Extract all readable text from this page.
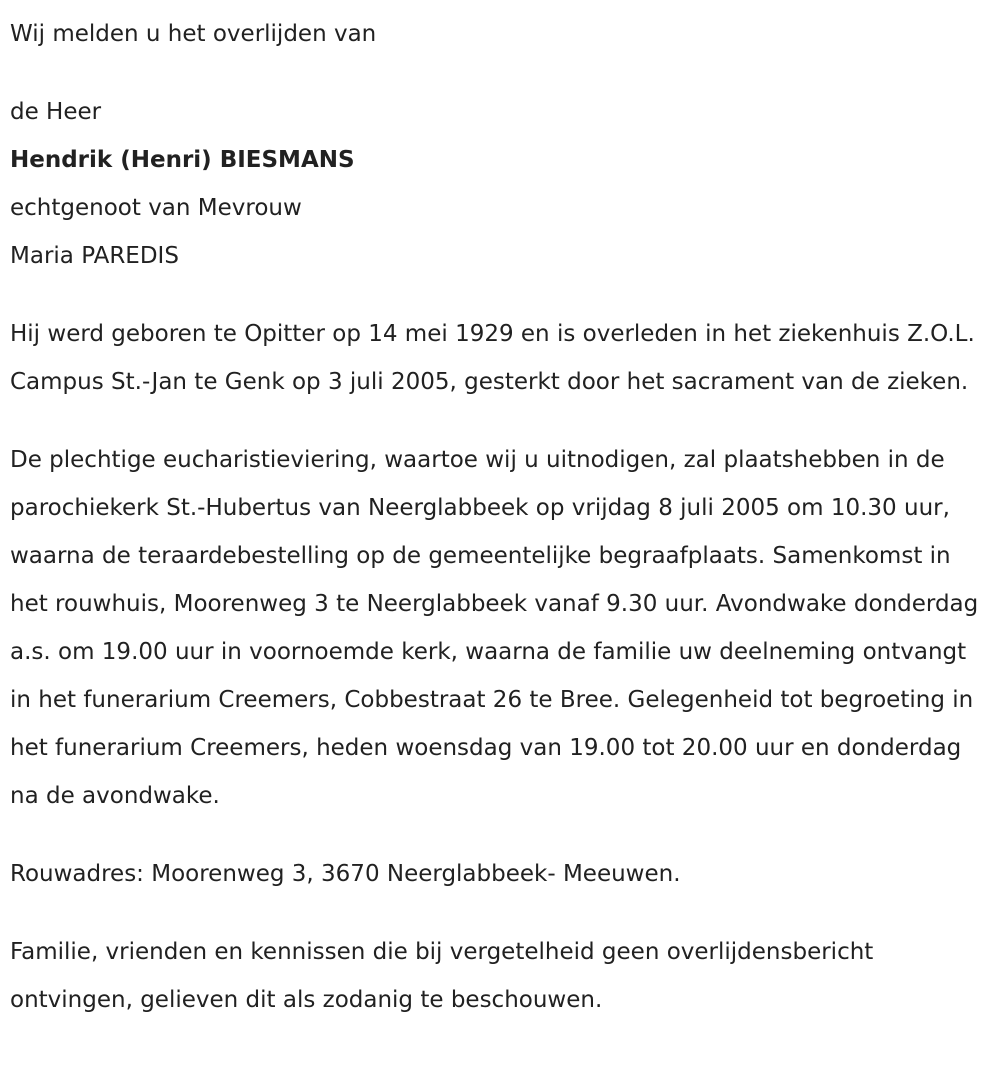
Wij melden u het overlijden van

de Heer

Hendrik (Henri) BIESMANS

echtgenoot van Mevrouw

Maria PAREDIS

Hij werd geboren te Opitter op 14 mei 1929 en is overleden in het ziekenhuis Z.O.L. Campus St.-Jan te Genk op 3 juli 2005, gesterkt door het sacrament van de zieken.

De plechtige eucharistieviering, waartoe wij u uitnodigen, zal plaatshebben in de parochiekerk St.-Hubertus van Neerglabbeek op vrijdag 8 juli 2005 om 10.30 uur, waarna de teraardebestelling op de gemeentelijke begraafplaats. Samenkomst in het rouwhuis, Moorenweg 3 te Neerglabbeek vanaf 9.30 uur. Avondwake donderdag a.s. om 19.00 uur in voornoemde kerk, waarna de familie uw deelneming ontvangt in het funerarium Creemers, Cobbestraat 26 te Bree. Gelegenheid tot begroeting in het funerarium Creemers, heden woensdag van 19.00 tot 20.00 uur en donderdag na de avondwake.

Rouwadres: Moorenweg 3, 3670 Neerglabbeek- Meeuwen.

Familie, vrienden en kennissen die bij vergetelheid geen overlijdensbericht ontvingen, gelieven dit als zodanig te beschouwen.
